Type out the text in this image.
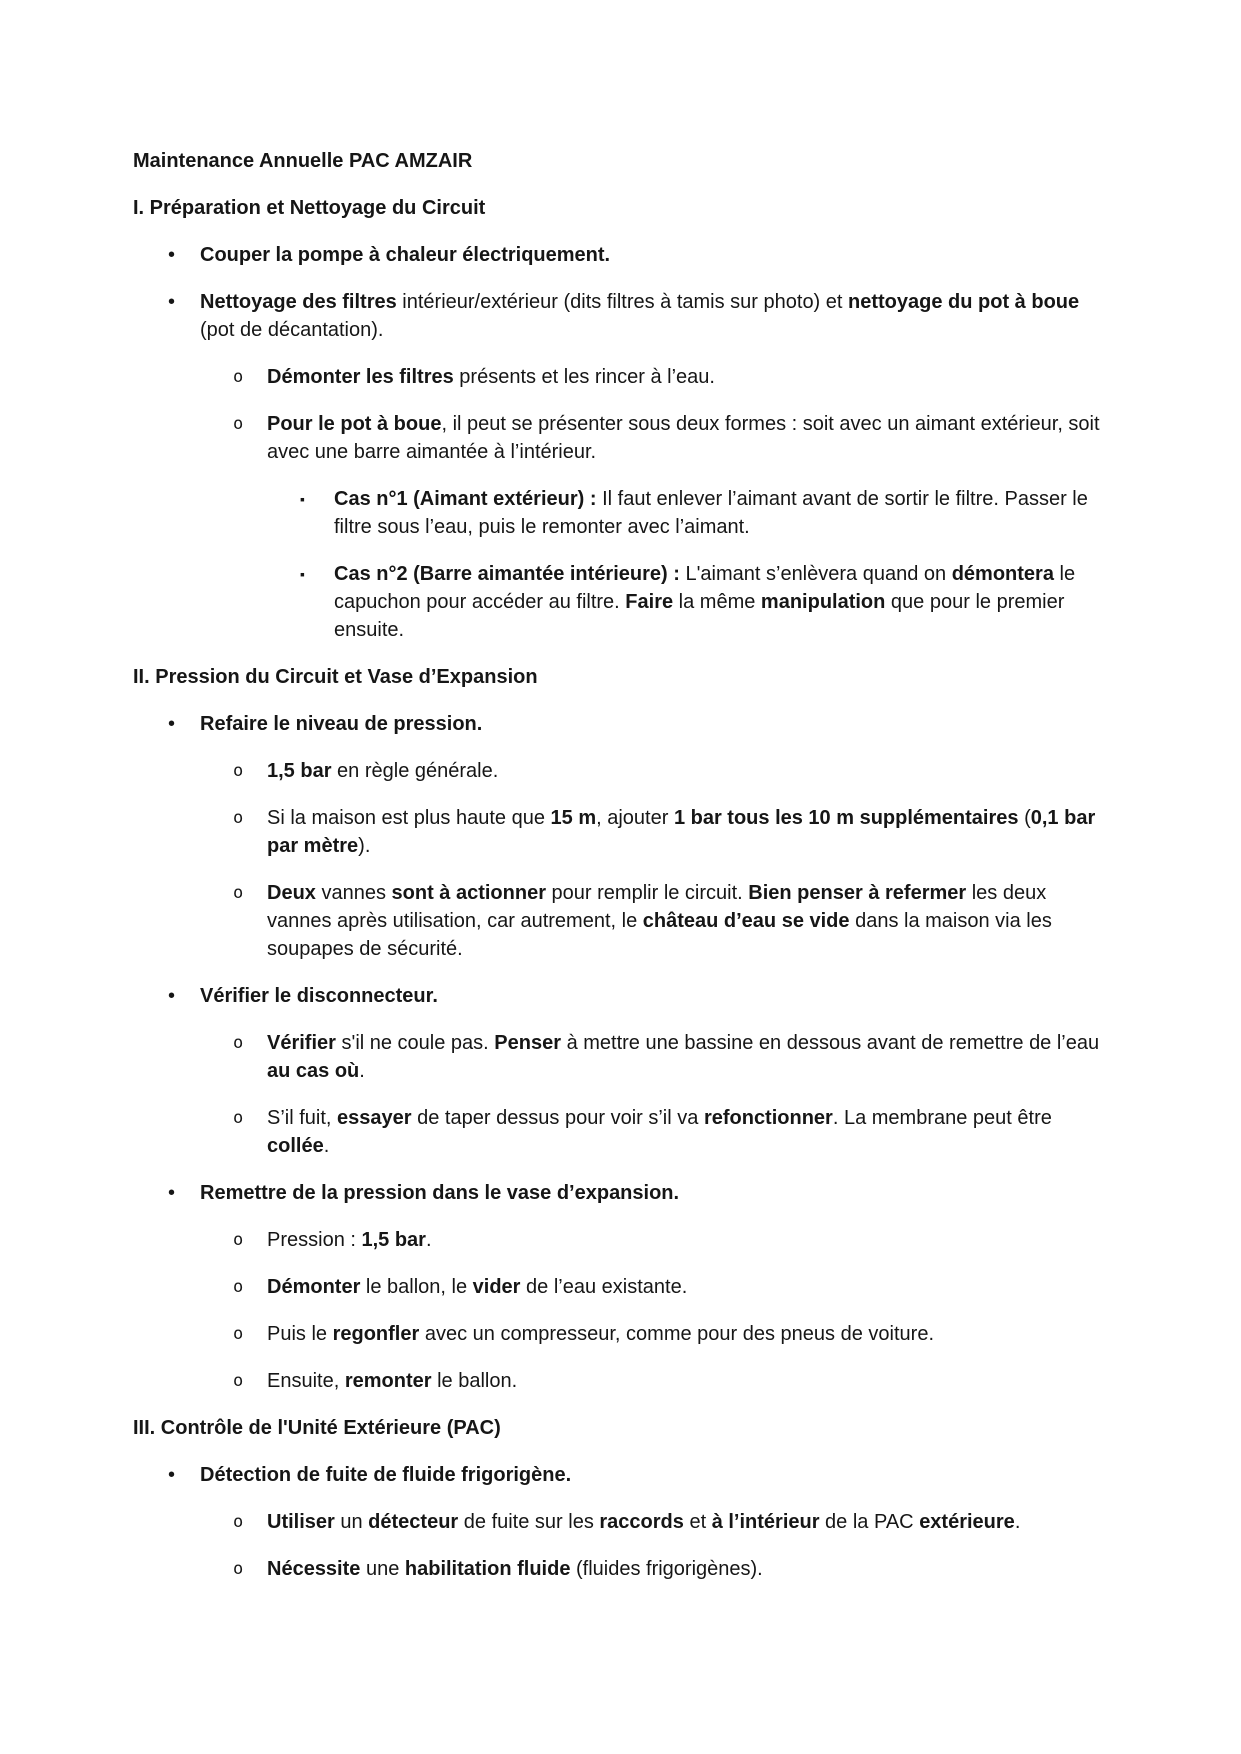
Maintenance Annuelle PAC AMZAIR
I. Préparation et Nettoyage du Circuit
•	Couper la pompe à chaleur électriquement.
•	Nettoyage des filtres intérieur/extérieur (dits filtres à tamis sur photo) et nettoyage du pot à boue (pot de décantation).
o	Démonter les filtres présents et les rincer à l’eau.
o	Pour le pot à boue, il peut se présenter sous deux formes : soit avec un aimant extérieur, soit avec une barre aimantée à l’intérieur.
▪	Cas n°1 (Aimant extérieur) : Il faut enlever l’aimant avant de sortir le filtre. Passer le filtre sous l’eau, puis le remonter avec l’aimant.
▪	Cas n°2 (Barre aimantée intérieure) : L'aimant s’enlèvera quand on démontera le capuchon pour accéder au filtre. Faire la même manipulation que pour le premier ensuite.
II. Pression du Circuit et Vase d’Expansion
•	Refaire le niveau de pression.
o	1,5 bar en règle générale.
o	Si la maison est plus haute que 15 m, ajouter 1 bar tous les 10 m supplémentaires (0,1 bar par mètre).
o	Deux vannes sont à actionner pour remplir le circuit. Bien penser à refermer les deux vannes après utilisation, car autrement, le château d’eau se vide dans la maison via les soupapes de sécurité.
•	Vérifier le disconnecteur.
o	Vérifier s'il ne coule pas. Penser à mettre une bassine en dessous avant de remettre de l’eau au cas où.
o	S’il fuit, essayer de taper dessus pour voir s’il va refonctionner. La membrane peut être collée.
•	Remettre de la pression dans le vase d’expansion.
o	Pression : 1,5 bar.
o	Démonter le ballon, le vider de l’eau existante.
o	Puis le regonfler avec un compresseur, comme pour des pneus de voiture.
o	Ensuite, remonter le ballon.
III. Contrôle de l'Unité Extérieure (PAC)
•	Détection de fuite de fluide frigorigène.
o	Utiliser un détecteur de fuite sur les raccords et à l’intérieur de la PAC extérieure.
o	Nécessite une habilitation fluide (fluides frigorigènes).
